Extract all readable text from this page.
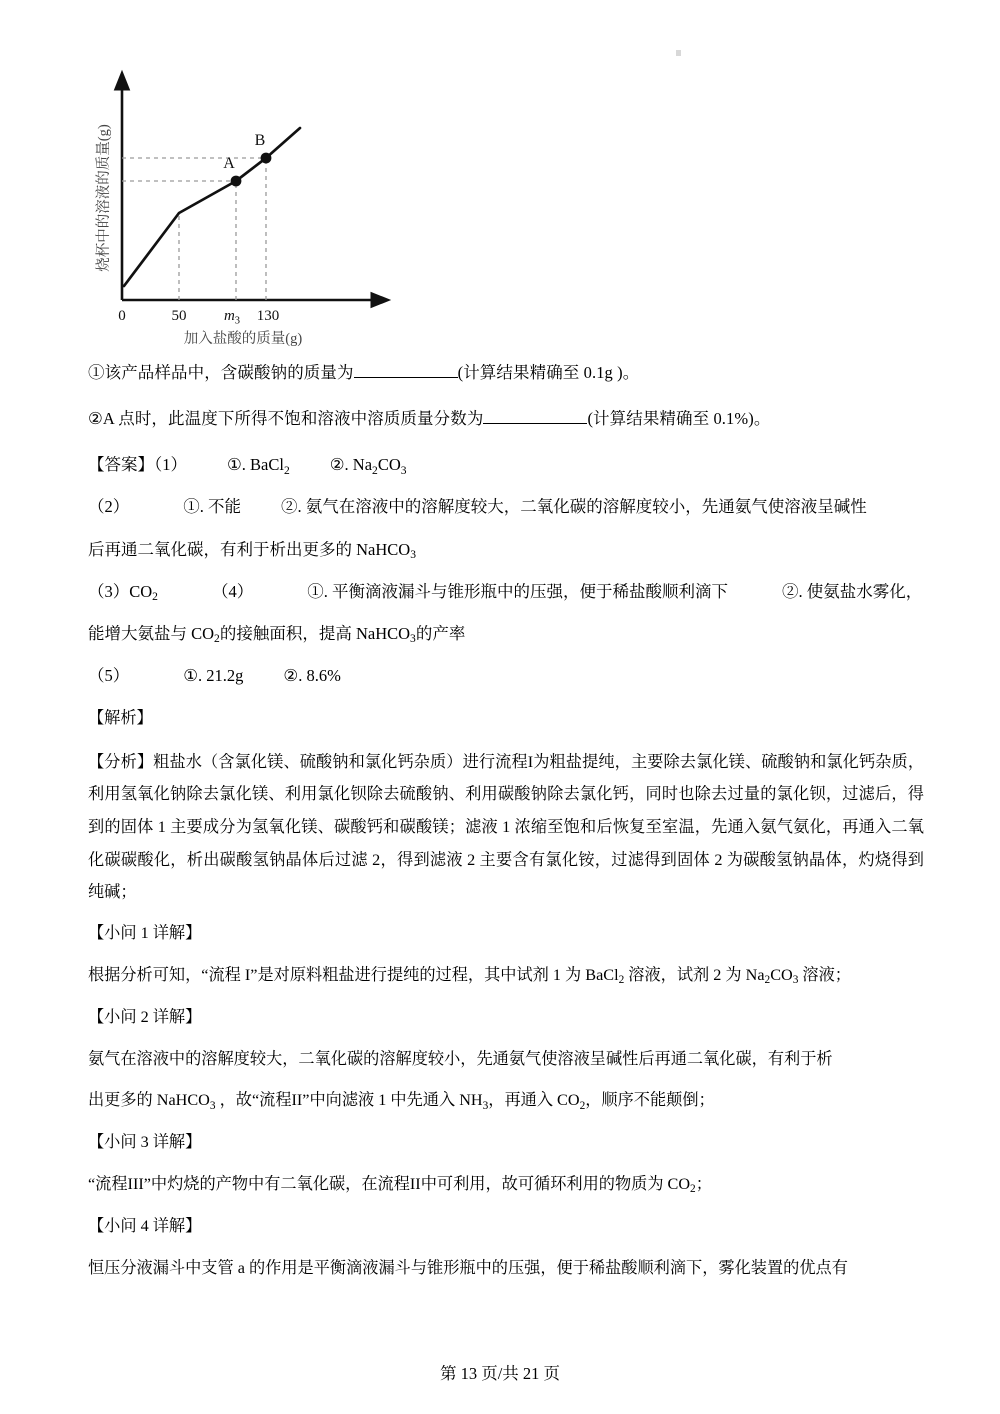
A
B
0	50 $m_3$ 130
加入盐酸的质量(g)
烧杯中的溶液的质量(g)

①该产品样品中，含碳酸钠的质量为	(计算结果精确至 0.1g )。

②A 点时，此温度下所得不饱和溶液中溶质质量分数为	(计算结果精确至 0.1%)。

【答案】（1） ①. BaCl$_2$ ②. $Na_2CO_3$

（2）	①. 不能 ②. 氨气在溶液中的溶解度较大，二氧化碳的溶解度较小，先通氨气使溶液呈碱性

后再通二氧化碳，有利于析出更多的 NaHCO$_3$

$(3)CO_2$	（4）	①. 平衡滴液漏斗与锥形瓶中的压强，便于稀盐酸顺利滴下	②. 使氨盐水雾化，

能增大氨盐与 $CO_2$的接触面积，提高 NaHCO$_3$的产率

（5）	①. 21.2g ②. 8.6%

【解析】

【分析】粗盐水（含氯化镁、硫酸钠和氯化钙杂质）进行流程I为粗盐提纯，主要除去氯化镁、硫酸钠和氯化钙杂质，利用氢氧化钠除去氯化镁、利用氯化钡除去硫酸钠、利用碳酸钠除去氯化钙，同时也除去过量的氯化钡，过滤后，得到的固体 1 主要成分为氢氧化镁、碳酸钙和碳酸镁；滤液 1 浓缩至饱和后恢复至室温，先通入氨气氨化，再通入二氧化碳碳酸化，析出碳酸氢钠晶体后过滤 2，得到滤液 2 主要含有氯化铵，过滤得到固体 2 为碳酸氢钠晶体，灼烧得到纯碱；

【小问 1 详解】

根据分析可知，“流程 I”是对原料粗盐进行提纯的过程，其中试剂 1 为 BaCl$_2$ 溶液，试剂 2 为 $Na_2CO_3$ 溶液；

【小问 2 详解】

氨气在溶液中的溶解度较大，二氧化碳的溶解度较小，先通氨气使溶液呈碱性后再通二氧化碳，有利于析

出更多的 NaHCO$_3$ ，故“流程II”中向滤液 1 中先通入 $NH_3$，再通入 $CO_2$，顺序不能颠倒；

【小问 3 详解】

“流程III”中灼烧的产物中有二氧化碳，在流程II中可利用，故可循环利用的物质为 $CO_2$；

【小问 4 详解】

恒压分液漏斗中支管 a 的作用是平衡滴液漏斗与锥形瓶中的压强，便于稀盐酸顺利滴下，雾化装置的优点有

第 13 页/共 21 页
